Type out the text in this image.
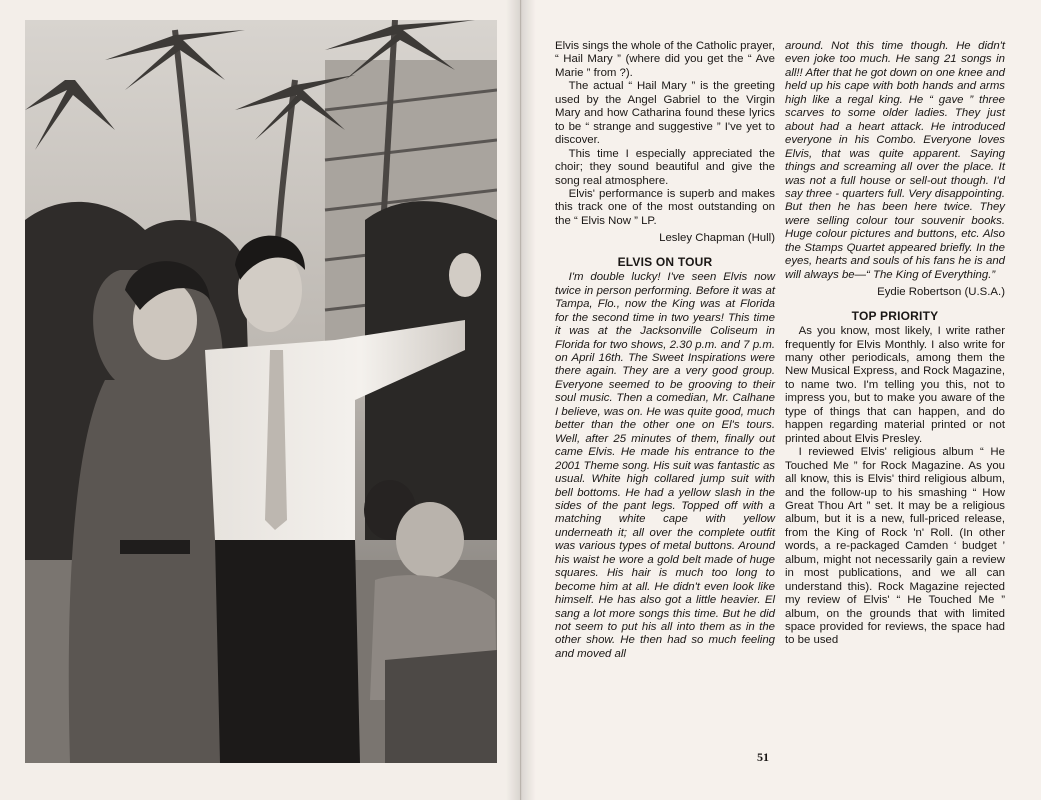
Elvis sings the whole of the Catholic prayer, “ Hail Mary ” (where did you get the “ Ave Marie ” from ?).

The actual “ Hail Mary ” is the greeting used by the Angel Gabriel to the Virgin Mary and how Catharina found these lyrics to be “ strange and suggestive ” I've yet to discover.

This time I especially appreciated the choir; they sound beautiful and give the song real atmosphere.

Elvis' performance is superb and makes this track one of the most outstanding on the “ Elvis Now ” LP.

Lesley Chapman (Hull)

ELVIS ON TOUR

I'm double lucky! I've seen Elvis now twice in person performing. Before it was at Tampa, Flo., now the King was at Florida for the second time in two years! This time it was at the Jacksonville Coliseum in Florida for two shows, 2.30 p.m. and 7 p.m. on April 16th. The Sweet Inspirations were there again. They are a very good group. Everyone seemed to be grooving to their soul music. Then a comedian, Mr. Calhane I believe, was on. He was quite good, much better than the other one on El's tours. Well, after 25 minutes of them, finally out came Elvis. He made his entrance to the 2001 Theme song. His suit was fantastic as usual. White high collared jump suit with bell bottoms. He had a yellow slash in the sides of the pant legs. Topped off with a matching white cape with yellow underneath it; all over the complete outfit was various types of metal buttons. Around his waist he wore a gold belt made of huge squares. His hair is much too long to become him at all. He didn't even look like himself. He has also got a little heavier. El sang a lot more songs this time. But he did not seem to put his all into them as in the other show. He then had so much feeling and moved all

around. Not this time though. He didn't even joke too much. He sang 21 songs in all!! After that he got down on one knee and held up his cape with both hands and arms high like a regal king. He “ gave ” three scarves to some older ladies. They just about had a heart attack. He introduced everyone in his Combo. Everyone loves Elvis, that was quite apparent. Saying things and screaming all over the place. It was not a full house or sell-out though. I'd say three - quarters full. Very disappointing. But then he has been here twice. They were selling colour tour souvenir books. Huge colour pictures and buttons, etc. Also the Stamps Quartet appeared briefly. In the eyes, hearts and souls of his fans he is and will always be—“ The King of Everything.”

Eydie Robertson (U.S.A.)

TOP PRIORITY

As you know, most likely, I write rather frequently for Elvis Monthly. I also write for many other periodicals, among them the New Musical Express, and Rock Magazine, to name two. I'm telling you this, not to impress you, but to make you aware of the type of things that can happen, and do happen regarding material printed or not printed about Elvis Presley.

I reviewed Elvis' religious album “ He Touched Me ” for Rock Magazine. As you all know, this is Elvis' third religious album, and the follow-up to his smashing “ How Great Thou Art ” set. It may be a religious album, but it is a new, full-priced release, from the King of Rock 'n' Roll. (In other words, a re-packaged Camden ‘ budget ’ album, might not necessarily gain a review in most publications, and we all can understand this). Rock Magazine rejected my review of Elvis' “ He Touched Me ” album, on the grounds that with limited space provided for reviews, the space had to be used

51
